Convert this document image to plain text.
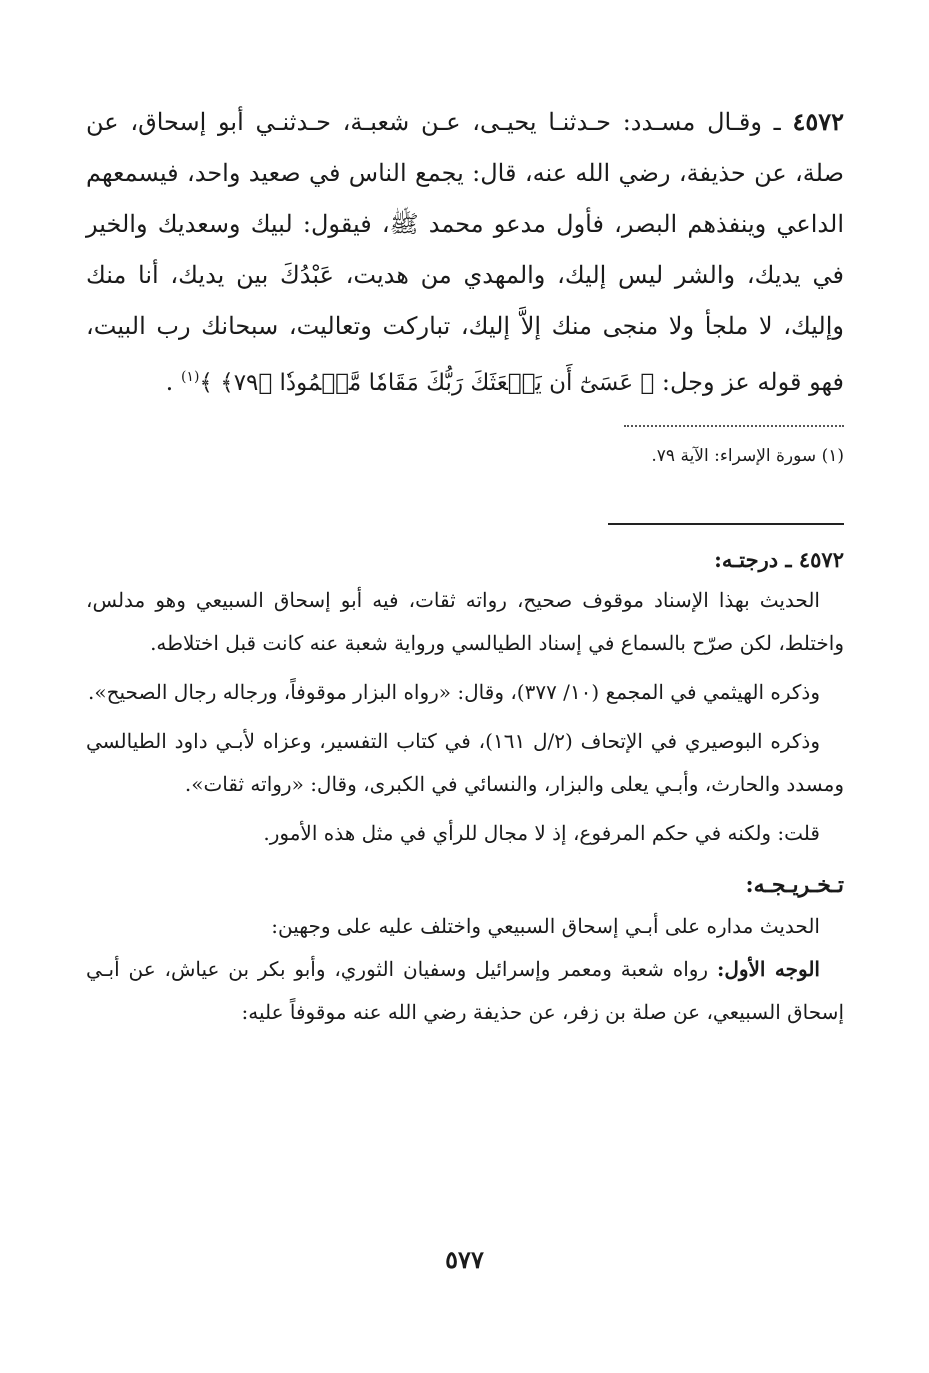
٤٥٧٢ ـ وقـال مسـدد: حـدثنـا يحيـى، عـن شعبـة، حـدثنـي أبو إسحاق، عن صلة، عن حذيفة، رضي الله عنه، قال: يجمع الناس في صعيد واحد، فيسمعهم الداعي وينفذهم البصر، فأول مدعو محمد ﷺ، فيقول: لبيك وسعديك والخير في يديك، والشر ليس إليك، والمهدي من هديت، عَبْدُكَ بين يديك، أنا منك وإليك، لا ملجأ ولا منجى منك إلاَّ إليك، تباركت وتعاليت، سبحانك رب البيت، فهو قوله عز وجل: ﴿ عَسَىٰٓ أَن يَبۡعَثَكَ رَبُّكَ مَقَامٗا مَّحۡمُودٗا ﴿٧٩﴾ ﴾$^{(١)}$ .

(١) سورة الإسراء: الآية ٧٩.
٤٥٧٢ ـ درجتـه:

الحديث بهذا الإسناد موقوف صحيح، رواته ثقات، فيه أبو إسحاق السبيعي وهو مدلس، واختلط، لكن صرّح بالسماع في إسناد الطيالسي ورواية شعبة عنه كانت قبل اختلاطه.

وذكره الهيثمي في المجمع (١٠/ ٣٧٧)، وقال: «رواه البزار موقوفاً، ورجاله رجال الصحيح».

وذكره البوصيري في الإتحاف (٢/ل ١٦١)، في كتاب التفسير، وعزاه لأبـي داود الطيالسي ومسدد والحارث، وأبـي يعلى والبزار، والنسائي في الكبرى، وقال: «رواته ثقات».

قلت: ولكنه في حكم المرفوع، إذ لا مجال للرأي في مثل هذه الأمور.

تـخـريـجـه:

الحديث مداره على أبـي إسحاق السبيعي واختلف عليه على وجهين:

الوجه الأول: رواه شعبة ومعمر وإسرائيل وسفيان الثوري، وأبو بكر بن عياش، عن أبـي إسحاق السبيعي، عن صلة بن زفر، عن حذيفة رضي الله عنه موقوفاً عليه:

٥٧٧
